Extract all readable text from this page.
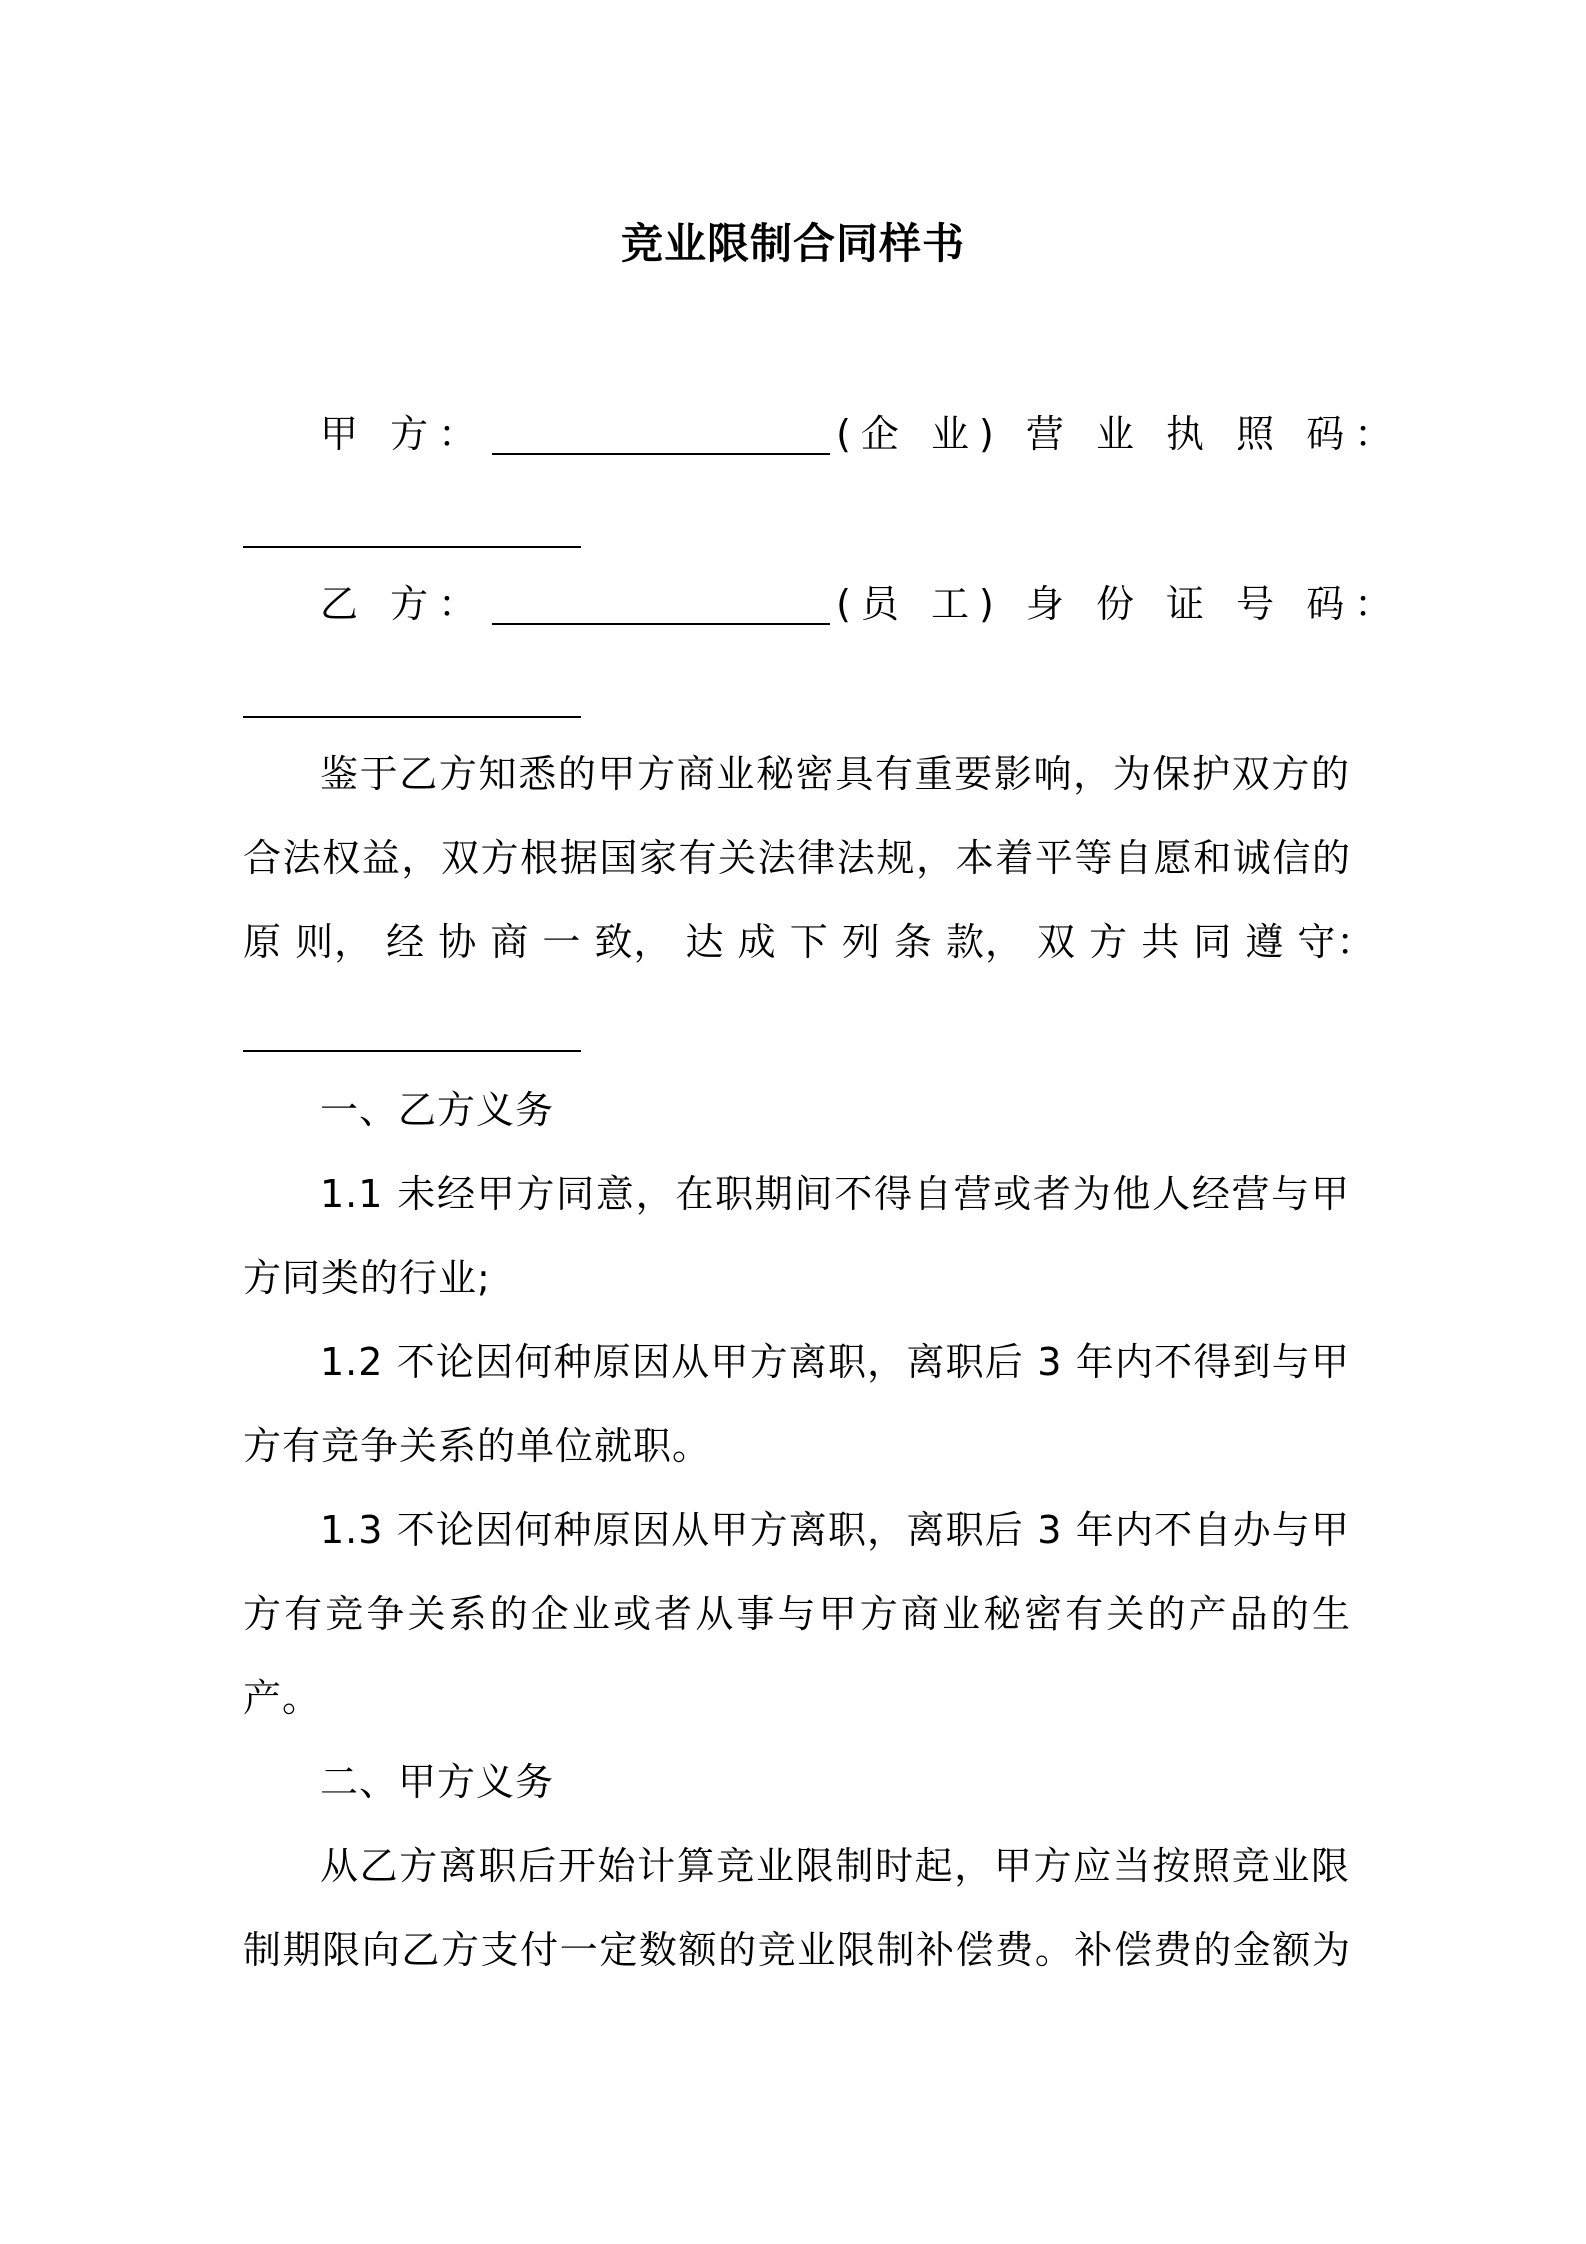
竞业限制合同样书
甲 方：	(企 业) 营 业 执 照 码：
乙 方：	(员 工) 身 份 证 号 码：
鉴于乙方知悉的甲方商业秘密具有重要影响，为保护双方的
合法权益，双方根据国家有关法律法规，本着平等自愿和诚信的
原 则， 经 协 商 一 致， 达 成 下 列 条 款， 双 方 共 同 遵 守：
一、乙方义务
1.1 未经甲方同意，在职期间不得自营或者为他人经营与甲
方同类的行业;
1.2 不论因何种原因从甲方离职，离职后 3 年内不得到与甲
方有竞争关系的单位就职。
1.3 不论因何种原因从甲方离职，离职后 3 年内不自办与甲
方有竞争关系的企业或者从事与甲方商业秘密有关的产品的生
产。
二、甲方义务
从乙方离职后开始计算竞业限制时起，甲方应当按照竞业限
制期限向乙方支付一定数额的竞业限制补偿费。补偿费的金额为
